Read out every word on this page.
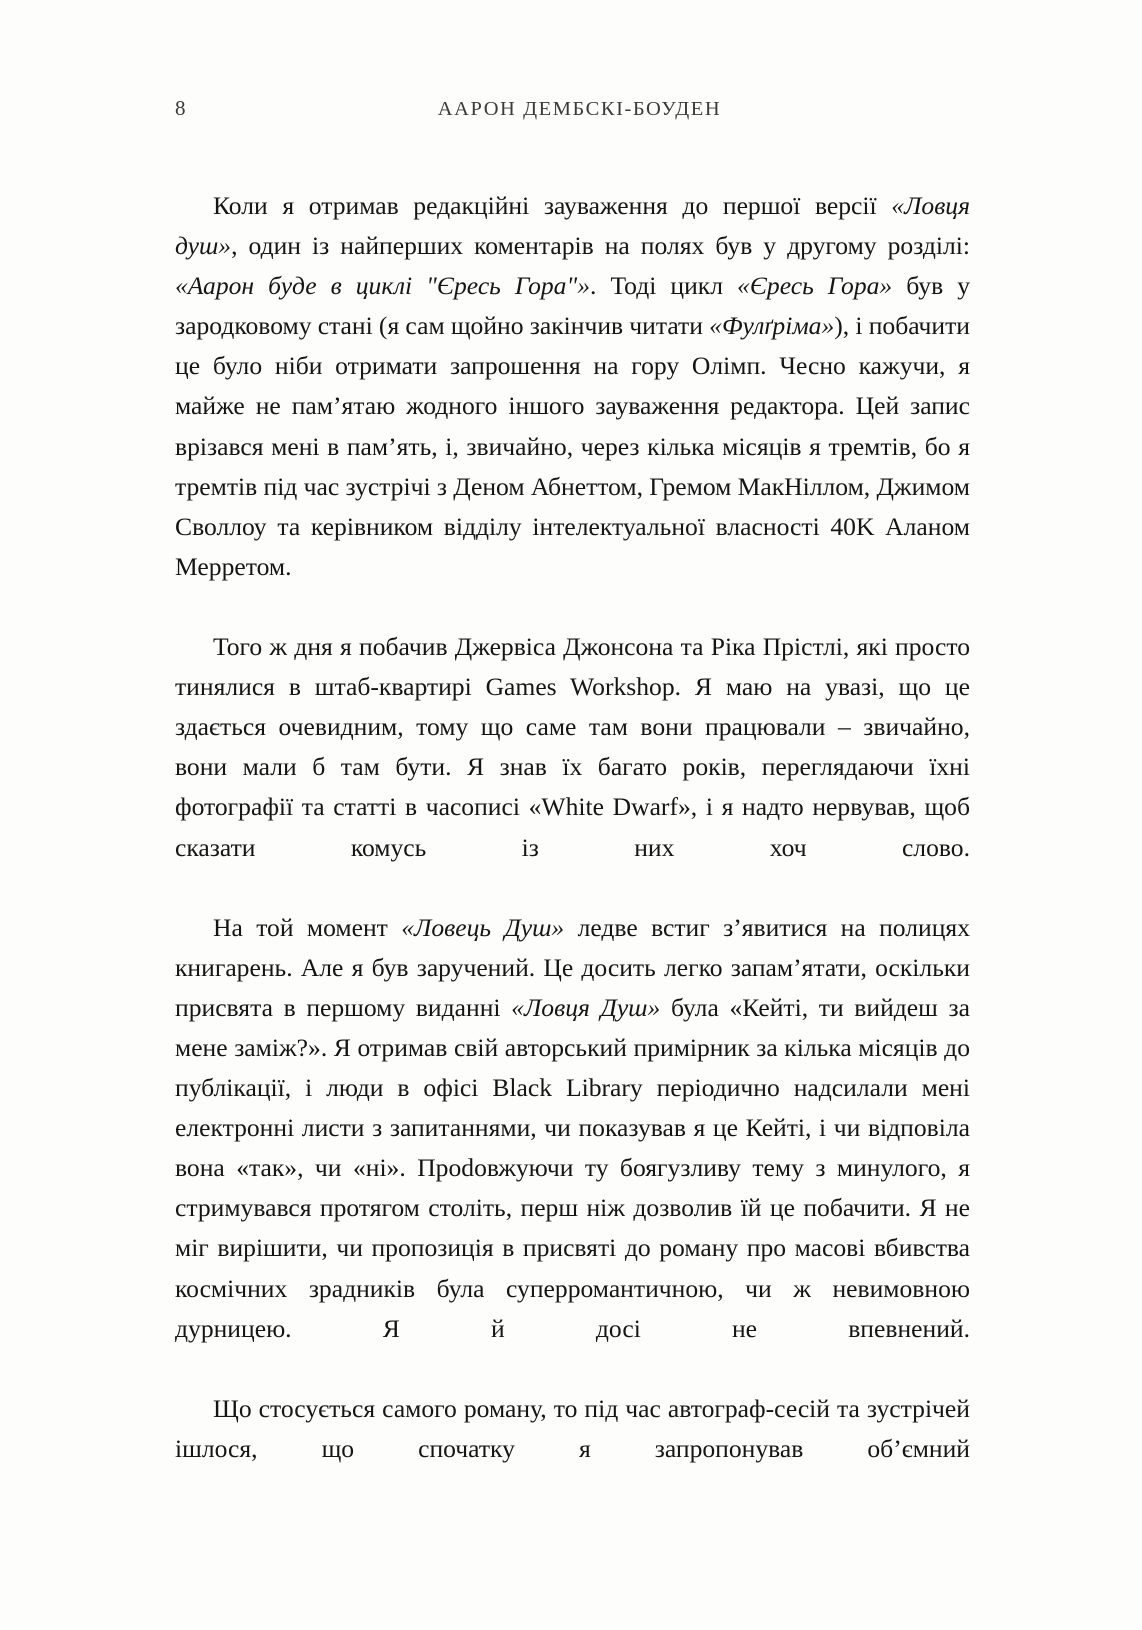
8	ААРОН ДЕМБСКІ-БОУДЕН

Коли я отримав редакційні зауваження до першої версії «Ловця душ», один із найперших коментарів на полях був у другому розділі: «Аарон буде в циклі "Єресь Гора"». Тоді цикл «Єресь Гора» був у зародковому стані (я сам щойно закінчив читати «Фулґріма»), і побачити це було ніби отримати запрошення на гору Олімп. Чесно кажучи, я майже не пам’ятаю жодного іншого зауваження редактора. Цей запис врізався мені в пам’ять, і, звичайно, через кілька місяців я тремтів, бо я тремтів під час зустрічі з Деном Абнеттом, Гремом МакНіллом, Джимом Своллоу та керівником відділу інтелектуальної власності 40K Аланом Мерретом.

Того ж дня я побачив Джервіса Джонсона та Ріка Прістлі, які просто тинялися в штаб-квартирі Games Workshop. Я маю на увазі, що це здається очевидним, тому що саме там вони працювали – звичайно, вони мали б там бути. Я знав їх багато років, переглядаючи їхні фотографії та статті в часописі «White Dwarf», і я надто нервував, щоб сказати комусь із них хоч слово.

На той момент «Ловець Душ» ледве встиг з’явитися на полицях книгарень. Але я був заручений. Це досить легко запам’ятати, оскільки присвята в першому виданні «Ловця Душ» була «Кейті, ти вийдеш за мене заміж?». Я отримав свій авторський примірник за кілька місяців до публікації, і люди в офісі Black Library періодично надсилали мені електронні листи з запитаннями, чи показував я це Кейті, і чи відповіла вона «так», чи «ні». Проdовжуючи ту боягузливу тему з минулого, я стримувався протягом століть, перш ніж дозволив їй це побачити. Я не міг вирішити, чи пропозиція в присвяті до роману про масові вбивства космічних зрадників була суперромантичною, чи ж невимовною дурницею. Я й досі не впевнений.

Що стосується самого роману, то під час автограф-сесій та зустрічей ішлося, що спочатку я запропонував об’ємний
